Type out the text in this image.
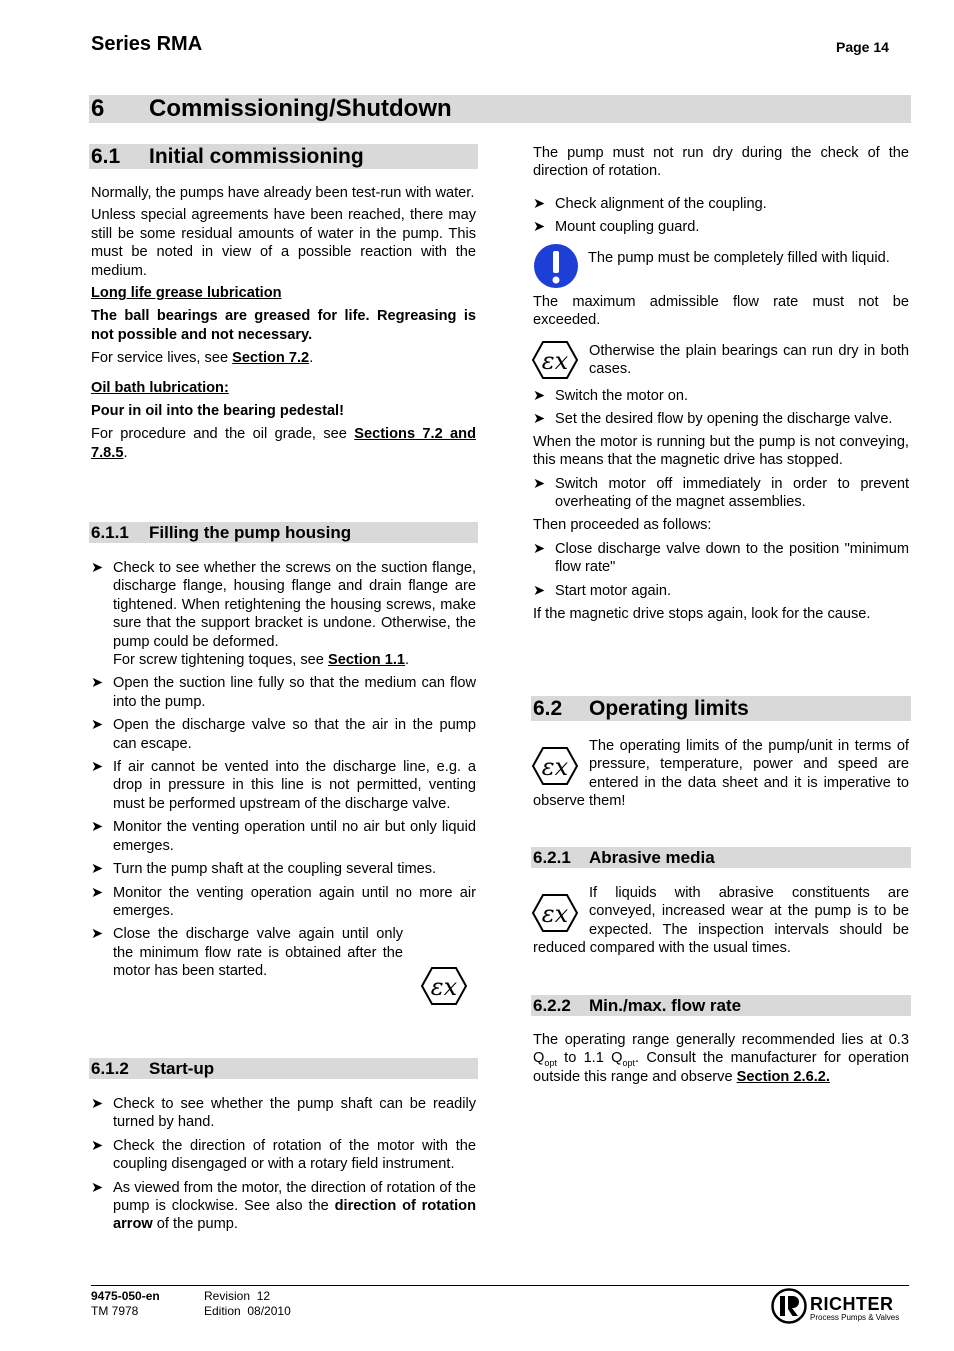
Series RMA	Page 14
6 Commissioning/Shutdown
6.1 Initial commissioning

Normally, the pumps have already been test-run with water.

Unless special agreements have been reached, there may still be some residual amounts of water in the pump. This must be noted in view of a possible reaction with the medium.

Long life grease lubrication

The ball bearings are greased for life. Regreasing is not possible and not necessary.

For service lives, see Section 7.2.

Oil bath lubrication:

Pour in oil into the bearing pedestal!

For procedure and the oil grade, see Sections 7.2 and 7.8.5.

6.1.1 Filling the pump housing
➤ Check to see whether the screws on the suction flange, discharge flange, housing flange and drain flange are tightened. When retightening the housing screws, make sure that the support bracket is undone. Otherwise, the pump could be deformed.
For screw tightening toques, see Section 1.1.
➤ Open the suction line fully so that the medium can flow into the pump.
➤ Open the discharge valve so that the air in the pump can escape.
➤ If air cannot be vented into the discharge line, e.g. a drop in pressure in this line is not permitted, venting must be performed upstream of the discharge valve.
➤ Monitor the venting operation until no air but only liquid emerges.
➤ Turn the pump shaft at the coupling several times.
➤ Monitor the venting operation again until no more air emerges.
➤ Close the discharge valve again until only the minimum flow rate is obtained after the motor has been started.
εx
6.1.2 Start-up
➤ Check to see whether the pump shaft can be readily turned by hand.
➤ Check the direction of rotation of the motor with the coupling disengaged or with a rotary field instrument.
➤ As viewed from the motor, the direction of rotation of the pump is clockwise. See also the direction of rotation arrow of the pump.

The pump must not run dry during the check of the direction of rotation.

➤ Check alignment of the coupling.
➤ Mount coupling guard.

The pump must be completely filled with liquid.

The maximum admissible flow rate must not be exceeded.

εx Otherwise the plain bearings can run dry in both cases.

➤ Switch the motor on.
➤ Set the desired flow by opening the discharge valve.

When the motor is running but the pump is not conveying, this means that the magnetic drive has stopped.

➤ Switch motor off immediately in order to prevent overheating of the magnet assemblies.

Then proceeded as follows:

➤ Close discharge valve down to the position "minimum flow rate"
➤ Start motor again.

If the magnetic drive stops again, look for the cause.

6.2 Operating limits
εx

The operating limits of the pump/unit in terms of pressure, temperature, power and speed are entered in the data sheet and it is imperative to observe them!

6.2.1 Abrasive media
εx

If liquids with abrasive constituents are conveyed, increased wear at the pump is to be expected. The inspection intervals should be reduced compared with the usual times.

6.2.2 Min./max. flow rate

The operating range generally recommended lies at 0.3 $Q_{opt}$ to 1.1 $Q_{opt}$. Consult the manufacturer for operation outside this range and observe Section 2.6.2.

9475-050-en
TM 7978
Revision 12
Edition 08/2010	RICHTER
Process Pumps & Valves
